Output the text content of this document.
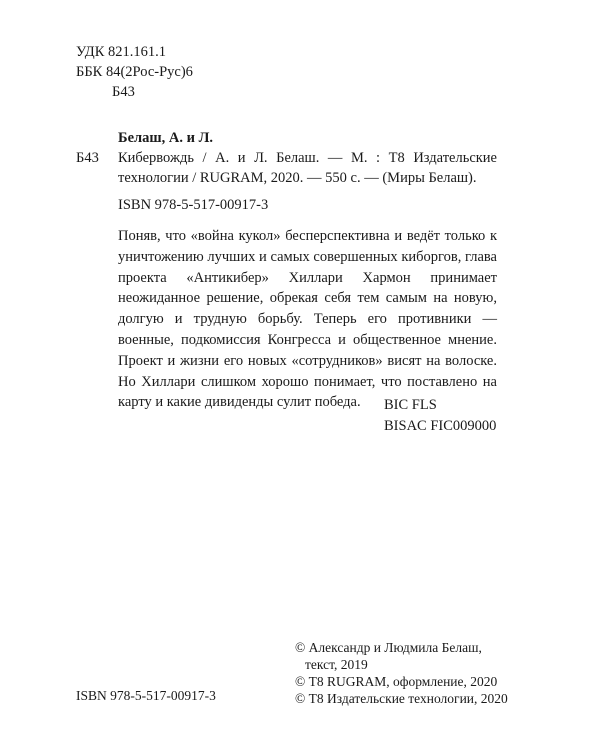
УДК 821.161.1
ББК 84(2Рос-Рус)6
Б43
Белаш, А. и Л.
Б43 Кибервождь / А. и Л. Белаш. — М. : Т8 Издательские технологии / RUGRAM, 2020. — 550 с. — (Миры Белаш).

ISBN 978-5-517-00917-3

Поняв, что «война кукол» бесперспективна и ведёт только к уничтожению лучших и самых совершенных киборгов, глава проекта «Антикибер» Хиллари Хармон принимает неожиданное решение, обрекая себя тем самым на новую, долгую и трудную борьбу. Теперь его противники — военные, подкомиссия Конгресса и общественное мнение. Проект и жизни его новых «сотрудников» висят на волоске. Но Хиллари слишком хорошо понимает, что поставлено на карту и какие дивиденды сулит победа.	BIC FLS
BISAC FIC009000
ISBN 978-5-517-00917-3
© Александр и Людмила Белаш,
текст, 2019
© Т8 RUGRAM, оформление, 2020
© Т8 Издательские технологии, 2020
